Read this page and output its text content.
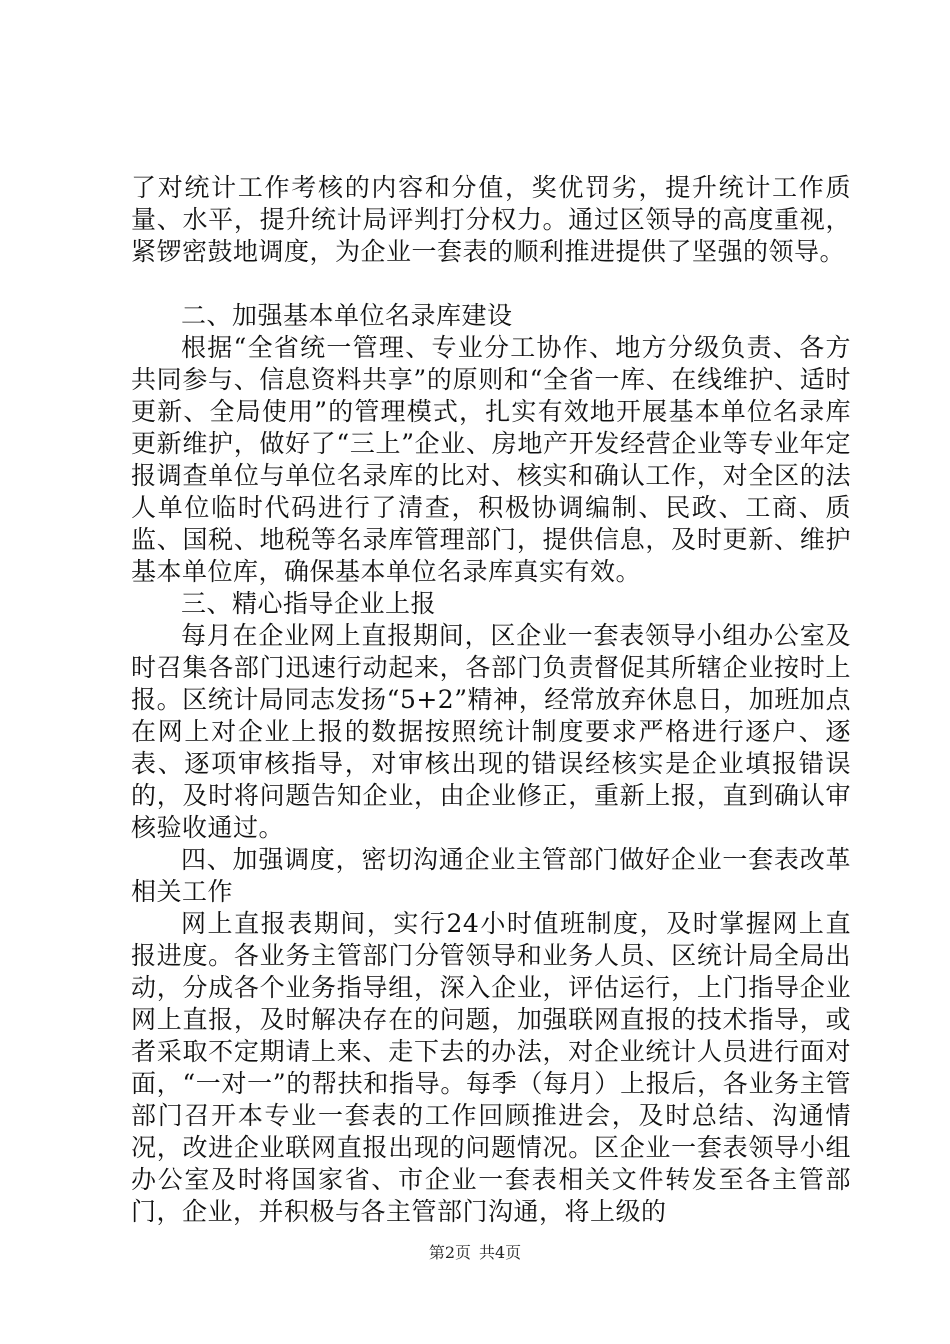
了对统计工作考核的内容和分值，奖优罚劣，提升统计工作质量、水平，提升统计局评判打分权力。通过区领导的高度重视，紧锣密鼓地调度，为企业一套表的顺利推进提供了坚强的领导。

二、加强基本单位名录库建设

根据“全省统一管理、专业分工协作、地方分级负责、各方共同参与、信息资料共享”的原则和“全省一库、在线维护、适时更新、全局使用”的管理模式，扎实有效地开展基本单位名录库更新维护，做好了“三上”企业、房地产开发经营企业等专业年定报调查单位与单位名录库的比对、核实和确认工作，对全区的法人单位临时代码进行了清查，积极协调编制、民政、工商、质监、国税、地税等名录库管理部门，提供信息，及时更新、维护基本单位库，确保基本单位名录库真实有效。

三、精心指导企业上报

每月在企业网上直报期间，区企业一套表领导小组办公室及时召集各部门迅速行动起来，各部门负责督促其所辖企业按时上报。区统计局同志发扬“5+2”精神，经常放弃休息日，加班加点在网上对企业上报的数据按照统计制度要求严格进行逐户、逐表、逐项审核指导，对审核出现的错误经核实是企业填报错误的，及时将问题告知企业，由企业修正，重新上报，直到确认审核验收通过。

四、加强调度，密切沟通企业主管部门做好企业一套表改革相关工作

网上直报表期间，实行24小时值班制度，及时掌握网上直报进度。各业务主管部门分管领导和业务人员、区统计局全局出动，分成各个业务指导组，深入企业，评估运行，上门指导企业网上直报，及时解决存在的问题，加强联网直报的技术指导，或者采取不定期请上来、走下去的办法，对企业统计人员进行面对面，“一对一”的帮扶和指导。每季（每月）上报后，各业务主管部门召开本专业一套表的工作回顾推进会，及时总结、沟通情况，改进企业联网直报出现的问题情况。区企业一套表领导小组办公室及时将国家省、市企业一套表相关文件转发至各主管部门，企业，并积极与各主管部门沟通，将上级的

第2页 共4页
